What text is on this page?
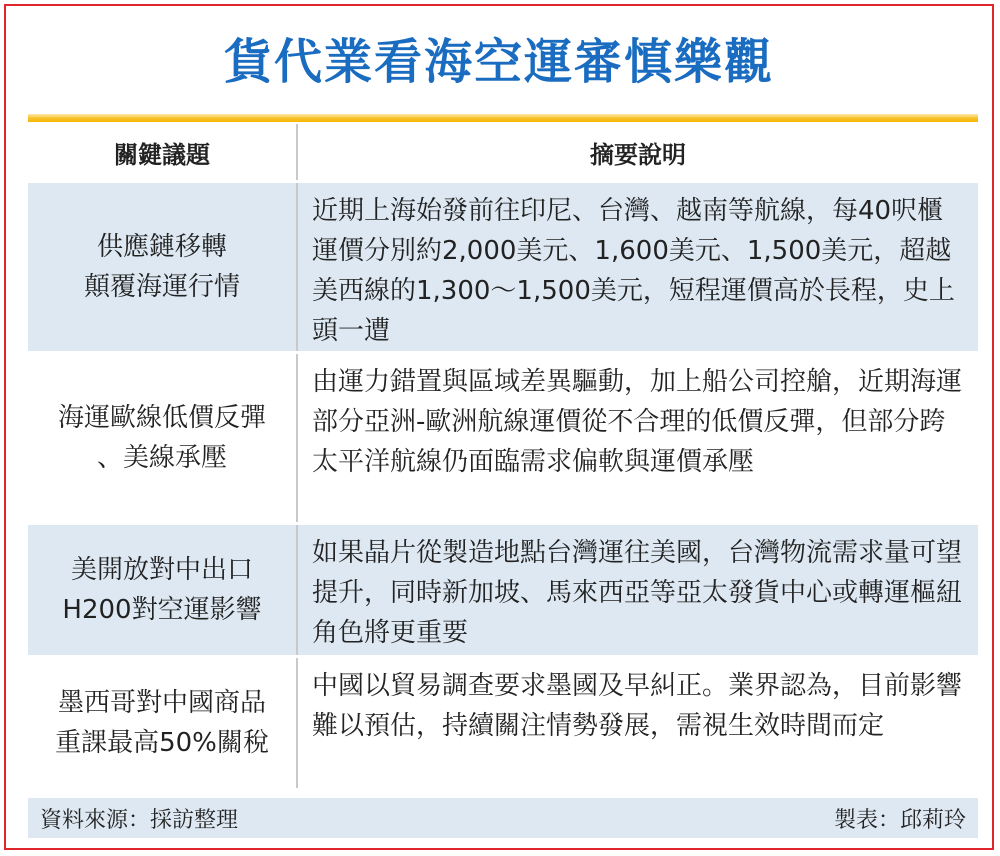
貨代業看海空運審慎樂觀
關鍵議題	摘要說明
供應鏈移轉
顛覆海運行情
近期上海始發前往印尼、台灣、越南等航線，每40呎櫃運價分別約2,000美元、1,600美元、1,500美元，超越美西線的1,300～1,500美元，短程運價高於長程，史上頭一遭
海運歐線低價反彈
、美線承壓
由運力錯置與區域差異驅動，加上船公司控艙，近期海運部分亞洲-歐洲航線運價從不合理的低價反彈，但部分跨太平洋航線仍面臨需求偏軟與運價承壓
美開放對中出口
H200對空運影響
如果晶片從製造地點台灣運往美國，台灣物流需求量可望提升，同時新加坡、馬來西亞等亞太發貨中心或轉運樞紐角色將更重要
墨西哥對中國商品
重課最高50%關稅
中國以貿易調查要求墨國及早糾正。業界認為，目前影響難以預估，持續關注情勢發展，需視生效時間而定
資料來源：採訪整理	製表：邱莉玲
